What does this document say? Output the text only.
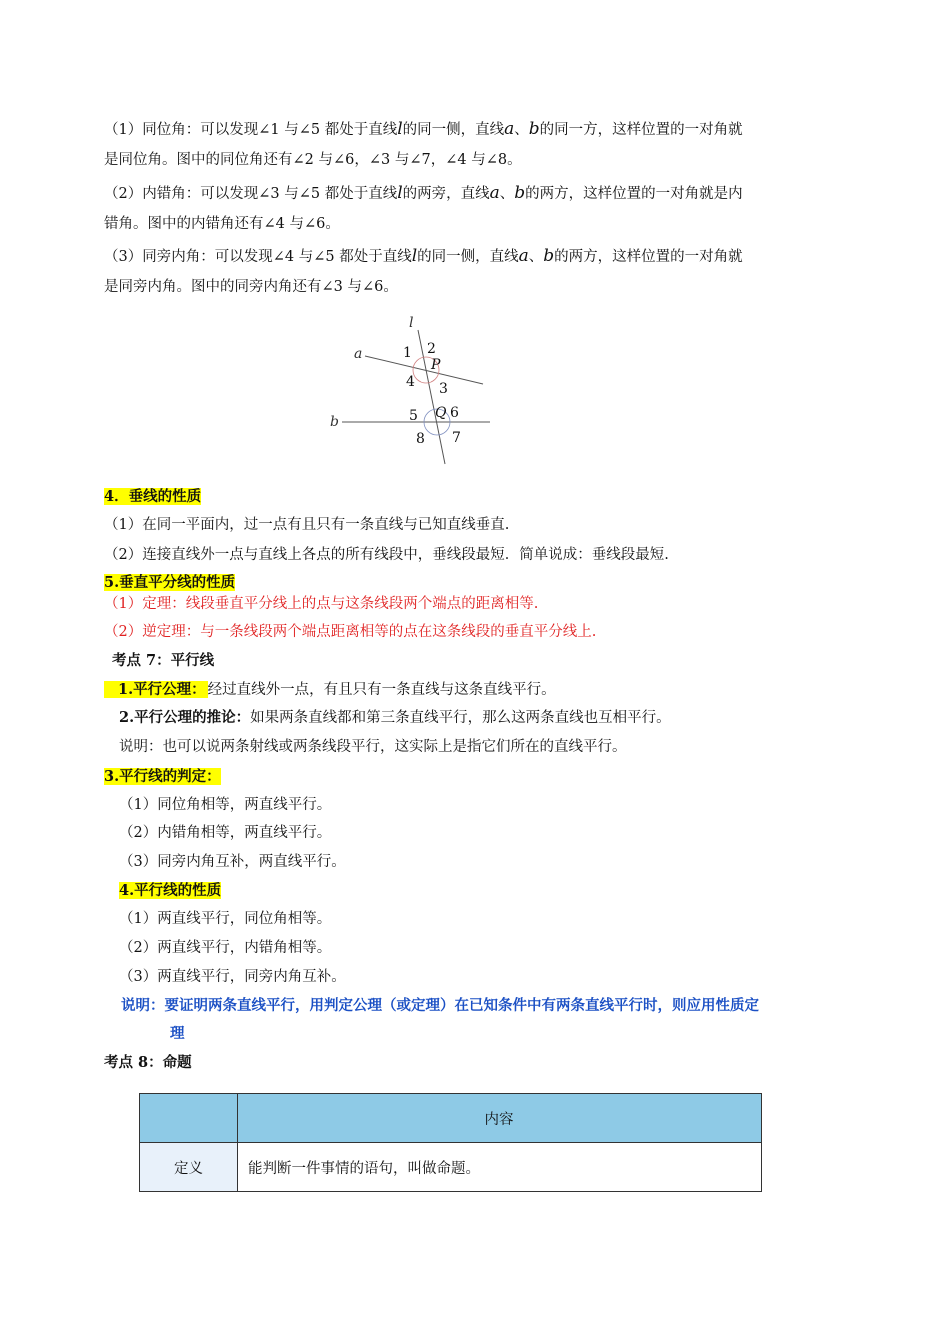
（1）同位角：可以发现∠1 与∠5 都处于直线l的同一侧，直线a、b的同一方，这样位置的一对角就
是同位角。图中的同位角还有∠2 与∠6，∠3 与∠7，∠4 与∠8。
（2）内错角：可以发现∠3 与∠5 都处于直线l的两旁，直线a、b的两方，这样位置的一对角就是内
错角。图中的内错角还有∠4 与∠6。
（3）同旁内角：可以发现∠4 与∠5 都处于直线l的同一侧，直线a、b的两方，这样位置的一对角就
是同旁内角。图中的同旁内角还有∠3 与∠6。
l
a
b
1 2
P
4 3
5 Q 6
8 7
4．垂线的性质
（1）在同一平面内，过一点有且只有一条直线与已知直线垂直.
（2）连接直线外一点与直线上各点的所有线段中，垂线段最短．简单说成：垂线段最短.
5.垂直平分线的性质
（1）定理：线段垂直平分线上的点与这条线段两个端点的距离相等.
（2）逆定理：与一条线段两个端点距离相等的点在这条线段的垂直平分线上.
考点 7：平行线
1.平行公理： 经过直线外一点，有且只有一条直线与这条直线平行。
2.平行公理的推论：如果两条直线都和第三条直线平行，那么这两条直线也互相平行。
说明：也可以说两条射线或两条线段平行，这实际上是指它们所在的直线平行。
3.平行线的判定：
（1）同位角相等，两直线平行。
（2）内错角相等，两直线平行。
（3）同旁内角互补，两直线平行。
4.平行线的性质
（1）两直线平行，同位角相等。
（2）两直线平行，内错角相等。
（3）两直线平行，同旁内角互补。
说明：要证明两条直线平行，用判定公理（或定理）在已知条件中有两条直线平行时，则应用性质定
理
考点 8：命题
	内容
定义	能判断一件事情的语句，叫做命题。
